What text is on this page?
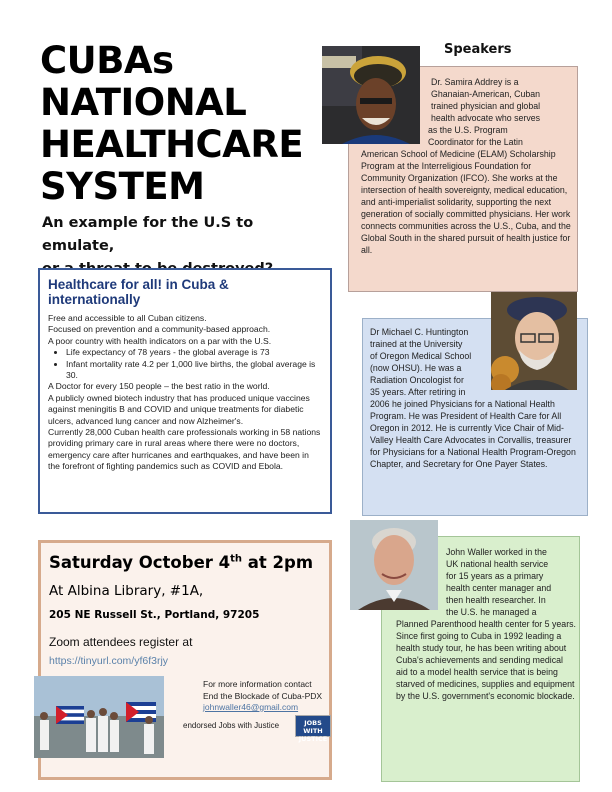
CUBAs
NATIONAL
HEALTHCARE
SYSTEM
An example for the U.S to emulate,
Healthcare for all! in Cuba & internationally

Free and accessible to all Cuban citizens.

Focused on prevention and a community-based approach.

A poor country with health indicators on a par with the U.S.

• Life expectancy of 78 years - the global average is 73
• Infant mortality rate 4.2 per 1,000 live births, the global average is 30.

A Doctor for every 150 people – the best ratio in the world.

A publicly owned biotech industry that has produced unique vaccines against meningitis B and COVID and unique treatments for diabetic ulcers, advanced lung cancer and now Alzheimer's.

Currently 28,000 Cuban health care professionals working in 58 nations providing primary care in rural areas where there were no doctors, emergency care after hurricanes and earthquakes, and have been in the forefront of fighting pandemics such as COVID and Ebola.

Saturday October 4th at 2pm
At Albina Library, #1A,
205 NE Russell St., Portland, 97205
Zoom attendees register at
https://tinyurl.com/yf6f3rjy
For more information contact
End the Blockade of Cuba-PDX
johnwaller46@gmail.com
endorsed Jobs with Justice	JOBS
WITH
JUSTICE
Speakers
Dr. Samira Addrey is a
Ghanaian-American, Cuban
trained physician and global
health advocate who serves
as the U.S. Program
Coordinator for the Latin
American School of Medicine (ELAM) Scholarship Program at the Interreligious Foundation for Community Organization (IFCO). She works at the intersection of health sovereignty, medical education, and anti-imperialist solidarity, supporting the next generation of socially committed physicians. Her work connects communities across the U.S., Cuba, and the Global South in the shared pursuit of health justice for all.
Dr Michael C. Huntington
trained at the University
of Oregon Medical School
(now OHSU). He was a
Radiation Oncologist for
35 years. After retiring in
2006 he joined Physicians for a National Health Program. He was President of Health Care for All Oregon in 2012. He is currently Vice Chair of Mid-Valley Health Care Advocates in Corvallis, treasurer for Physicians for a National Health Program-Oregon Chapter, and Secretary for One Payer States.
John Waller worked in the
UK national health service
for 15 years as a primary
health center manager and
then health researcher. In
the U.S. he managed a
Planned Parenthood health center for 5 years. Since first going to Cuba in 1992 leading a health study tour, he has been writing about Cuba's achievements and sending medical aid to a model health service that is being starved of medicines, supplies and equipment by the U.S. government's economic blockade.
